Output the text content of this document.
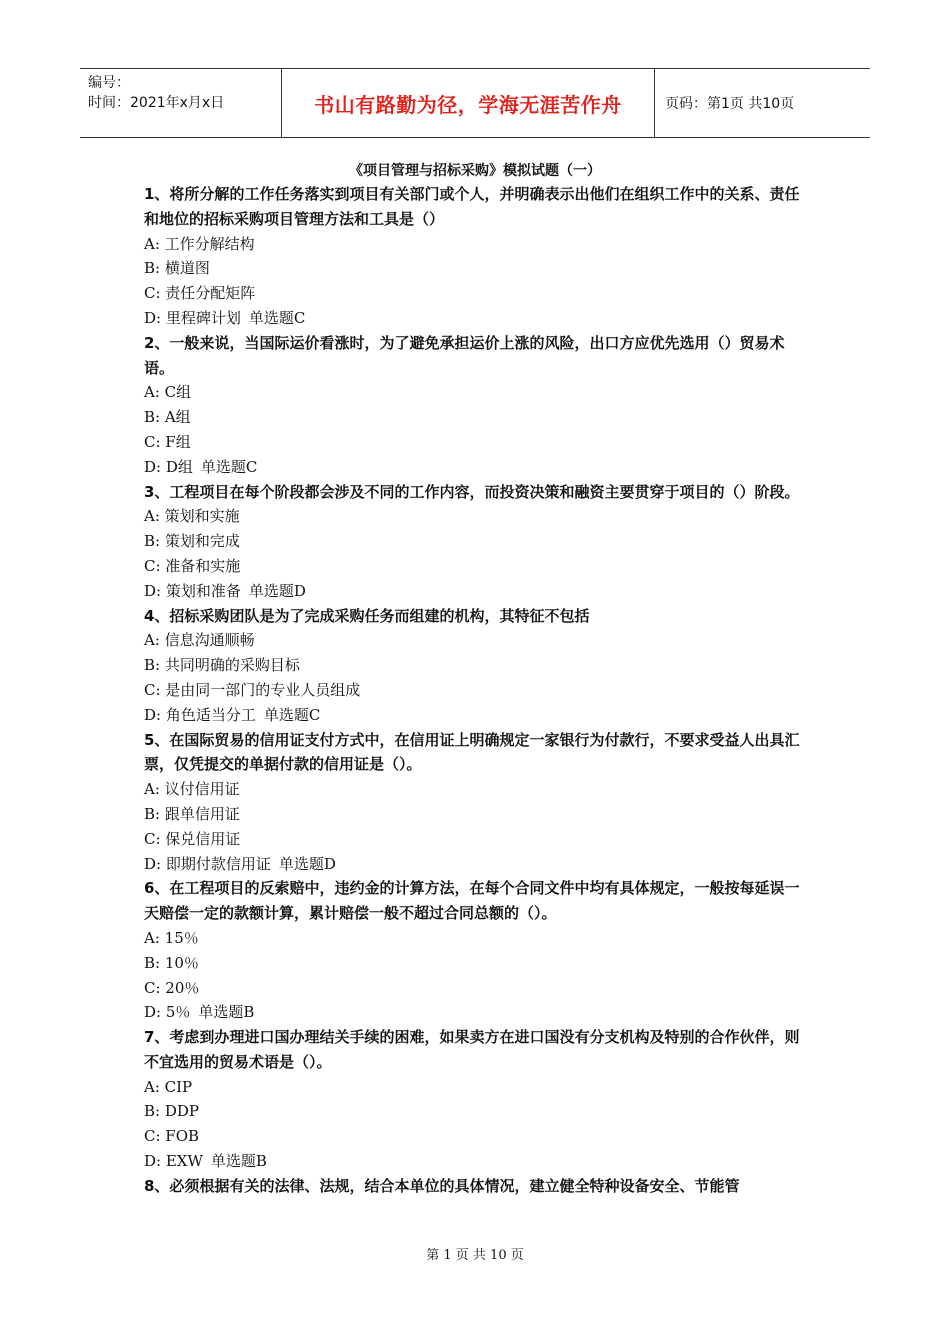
编号：
时间：2021年x月x日	书山有路勤为径，学海无涯苦作舟	页码：第1页 共10页
《项目管理与招标采购》模拟试题（一）
1、将所分解的工作任务落实到项目有关部门或个人，并明确表示出他们在组织工作中的关系、责任和地位的招标采购项目管理方法和工具是（）
A: 工作分解结构
B: 横道图
C: 责任分配矩阵
D: 里程碑计划 单选题C
2、一般来说，当国际运价看涨时，为了避免承担运价上涨的风险，出口方应优先选用（）贸易术语。
A: C组
B: A组
C: F组
D: D组 单选题C
3、工程项目在每个阶段都会涉及不同的工作内容，而投资决策和融资主要贯穿于项目的（）阶段。
A: 策划和实施
B: 策划和完成
C: 准备和实施
D: 策划和准备 单选题D
4、招标采购团队是为了完成采购任务而组建的机构，其特征不包括
A: 信息沟通顺畅
B: 共同明确的采购目标
C: 是由同一部门的专业人员组成
D: 角色适当分工 单选题C
5、在国际贸易的信用证支付方式中，在信用证上明确规定一家银行为付款行，不要求受益人出具汇票，仅凭提交的单据付款的信用证是（）。
A: 议付信用证
B: 跟单信用证
C: 保兑信用证
D: 即期付款信用证 单选题D
6、在工程项目的反索赔中，违约金的计算方法，在每个合同文件中均有具体规定，一般按每延误一天赔偿一定的款额计算，累计赔偿一般不超过合同总额的（）。
A: 15％
B: 10％
C: 20％
D: 5％ 单选题B
7、考虑到办理进口国办理结关手续的困难，如果卖方在进口国没有分支机构及特别的合作伙伴，则不宜选用的贸易术语是（）。
A: CIP
B: DDP
C: FOB
D: EXW 单选题B
8、必须根据有关的法律、法规，结合本单位的具体情况，建立健全特种设备安全、节能管
第 1 页 共 10 页
